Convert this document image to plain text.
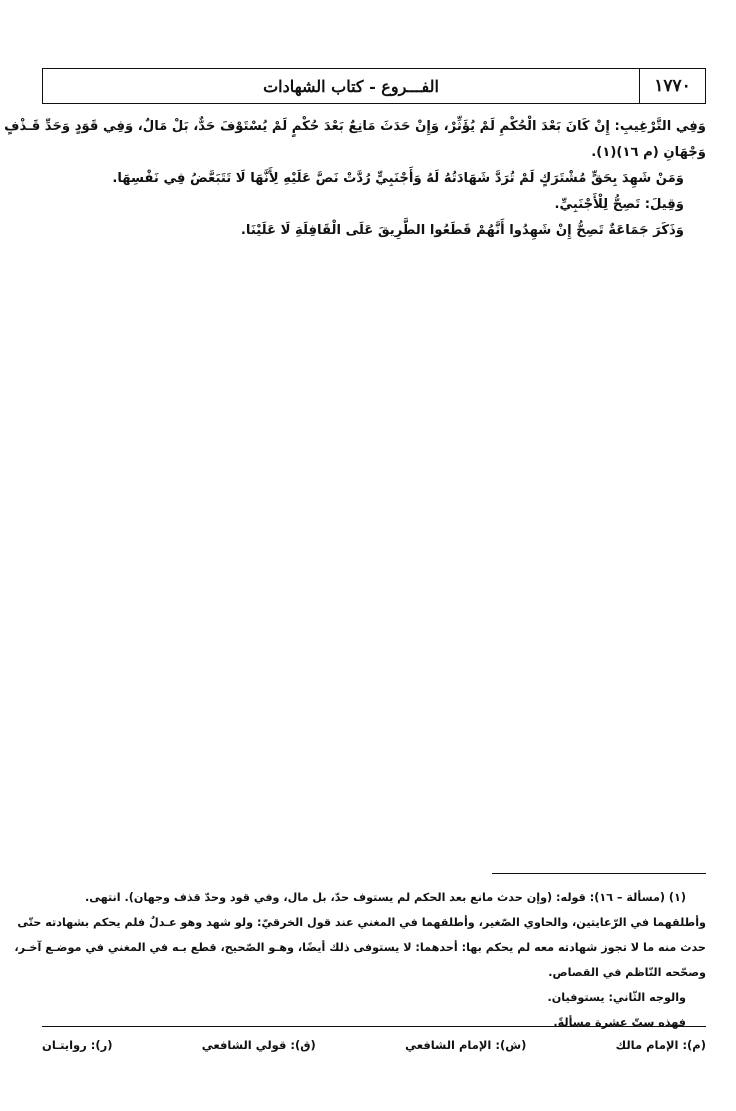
١٧٧٠
الفـــروع - كتاب الشهادات

وَفِي التَّرْغِيبِ: إِنْ كَانَ بَعْدَ الْحُكْمِ لَمْ يُؤَثِّرْ، وَإِنْ حَدَثَ مَانِعٌ بَعْدَ حُكْمٍ لَمْ يُسْتَوْفَ حَدٌّ، بَلْ مَالٌ، وَفِي قَوَدٍ وَحَدِّ قَـذْفٍ

وَجْهَانِ (م ١٦)(١).

وَمَنْ شَهِدَ بِحَقٍّ مُشْتَرَكٍ لَمْ تُرَدَّ شَهَادَتُهُ لَهُ وَأَجْنَبِيٍّ رُدَّتْ نَصَّ عَلَيْهِ لِأَنَّهَا لَا تَتَبَعَّضُ فِي نَفْسِهَا.

وَقِيلَ: تَصِحُّ لِلْأَجْنَبِيِّ.

وَذَكَرَ جَمَاعَةٌ تَصِحُّ إِنْ شَهِدُوا أَنَّهُمْ قَطَعُوا الطَّرِيقَ عَلَى الْقَافِلَةِ لَا عَلَيْنَا.

(١) (مسألة – ١٦): قوله: (وإن حدث مانع بعد الحكم لم يستوف حدّ، بل مال، وفي قود وحدّ قذف وجهان). انتهى.

وأطلقهما في الرّعايتين، والحاوي الصّغير، وأطلقهما في المغني عند قول الخرقيّ: ولو شهد وهو عـدلٌ فلم يحكم بشهادته حتّى

حدث منه ما لا تجوز شهادته معه لم يحكم بها: أحدهما: لا يستوفى ذلك أيضًا، وهـو الصّحيح، قطع بـه في المغني في موضـع آخـر،

وصحّحه النّاظم في القصاص.

والوجه الثّاني: يستوفيان.

فهذه ستّ عشرة مسألةً.

(م): الإمام مالك
(ش): الإمام الشافعي
(ق): قولي الشافعي
(ر): روايتـان
